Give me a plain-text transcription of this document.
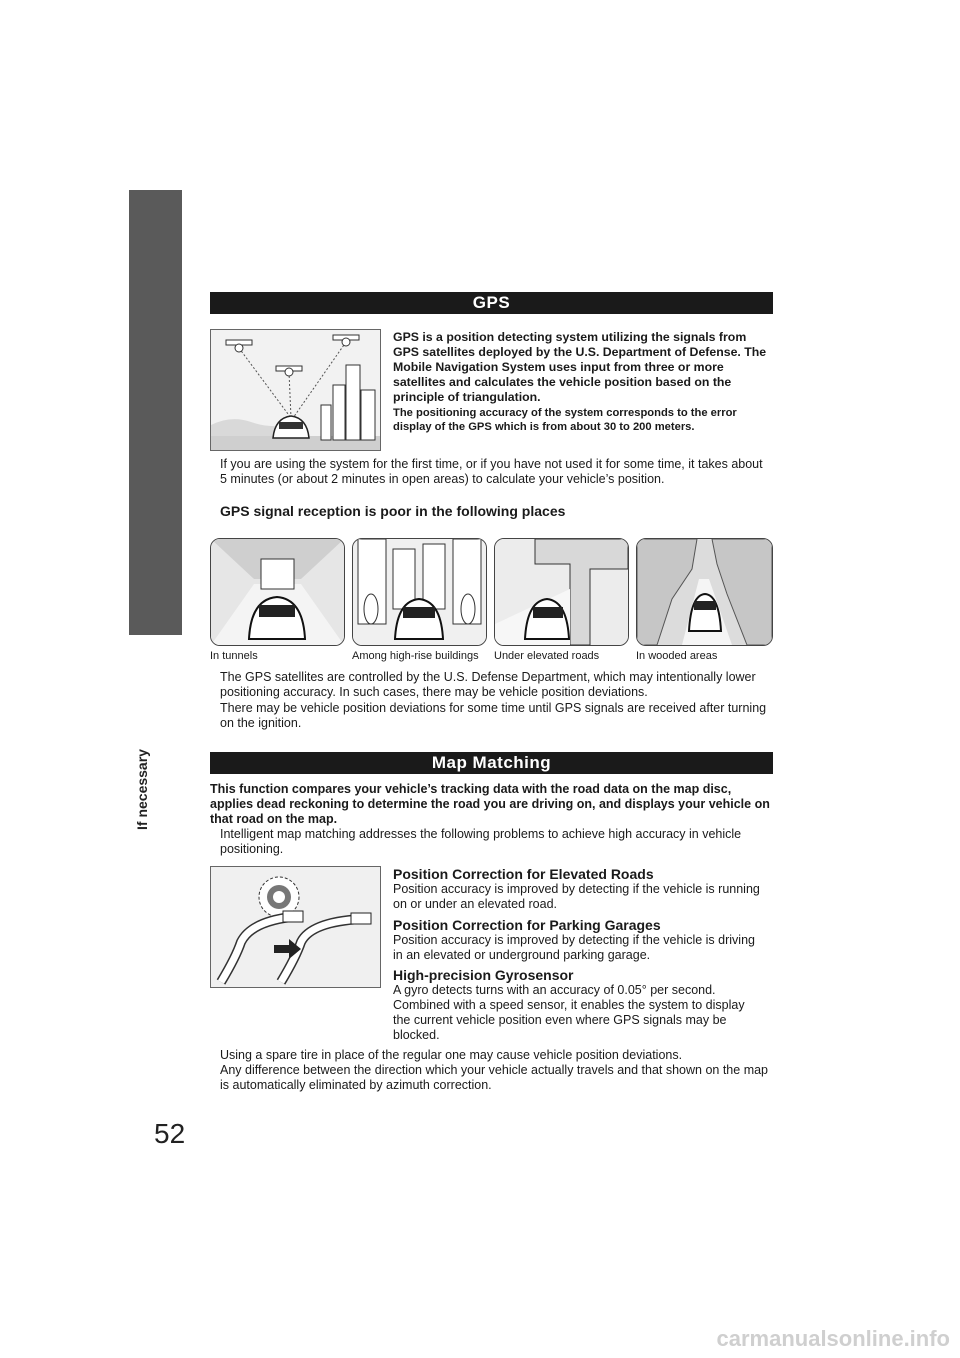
If necessary
GPS
GPS is a position detecting system utilizing the signals from GPS satellites deployed by the U.S. Department of Defense. The Mobile Navigation System uses input from three or more satellites and calculates the vehicle position based on the principle of triangulation.
The positioning accuracy of the system corresponds to the error display of the GPS which is from about 30 to 200 meters.
If you are using the system for the first time, or if you have not used it for some time, it takes about 5 minutes (or about 2 minutes in open areas) to calculate your vehicle’s position.
GPS signal reception is poor in the following places
In tunnels	Among high-rise buildings Under elevated roads	In wooded areas
The GPS satellites are controlled by the U.S. Defense Department, which may intentionally lower positioning accuracy. In such cases, there may be vehicle position deviations.
There may be vehicle position deviations for some time until GPS signals are received after turning on the ignition.
Map Matching
This function compares your vehicle’s tracking data with the road data on the map disc, applies dead reckoning to determine the road you are driving on, and displays your vehicle on that road on the map.
Intelligent map matching addresses the following problems to achieve high accuracy in vehicle positioning.
Position Correction for Elevated Roads
Position accuracy is improved by detecting if the vehicle is running on or under an elevated road.
Position Correction for Parking Garages
Position accuracy is improved by detecting if the vehicle is driving in an elevated or underground parking garage.
High-precision Gyrosensor
A gyro detects turns with an accuracy of 0.05° per second. Combined with a speed sensor, it enables the system to display the current vehicle position even where GPS signals may be blocked.
Using a spare tire in place of the regular one may cause vehicle position deviations.
Any difference between the direction which your vehicle actually travels and that shown on the map is automatically eliminated by azimuth correction.
52
carmanualsonline.info
